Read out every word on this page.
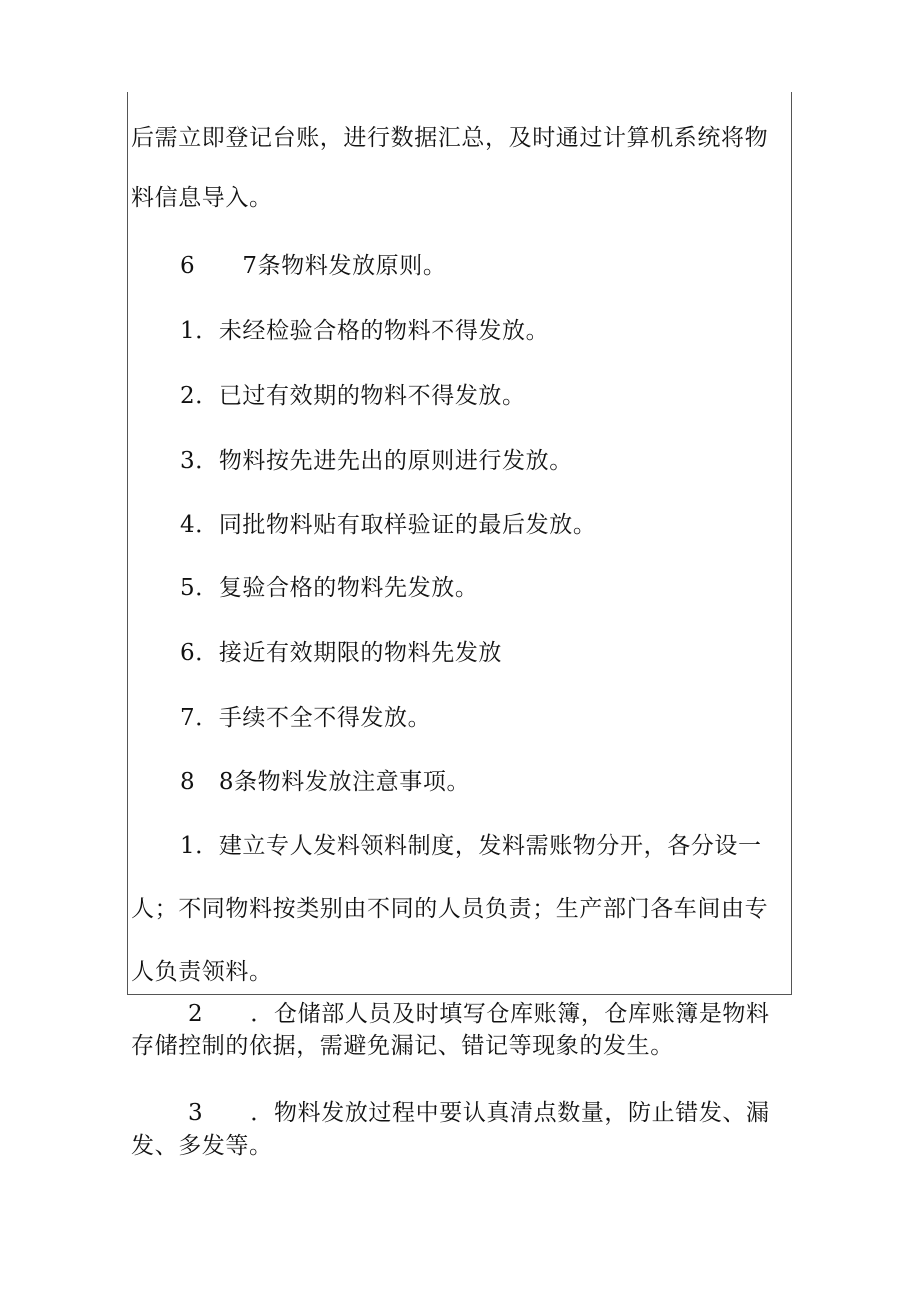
后需立即登记台账，进行数据汇总，及时通过计算机系统将物
料信息导入。
6　　7条物料发放原则。
1．未经检验合格的物料不得发放。
2．已过有效期的物料不得发放。
3．物料按先进先出的原则进行发放。
4．同批物料贴有取样验证的最后发放。
5．复验合格的物料先发放。
6．接近有效期限的物料先发放
7．手续不全不得发放。
8　8条物料发放注意事项。
1．建立专人发料领料制度，发料需账物分开，各分设一
人；不同物料按类别由不同的人员负责；生产部门各车间由专
人负责领料。
2　　．仓储部人员及时填写仓库账簿，仓库账簿是物料
存储控制的依据，需避免漏记、错记等现象的发生。
3　　．物料发放过程中要认真清点数量，防止错发、漏
发、多发等。
